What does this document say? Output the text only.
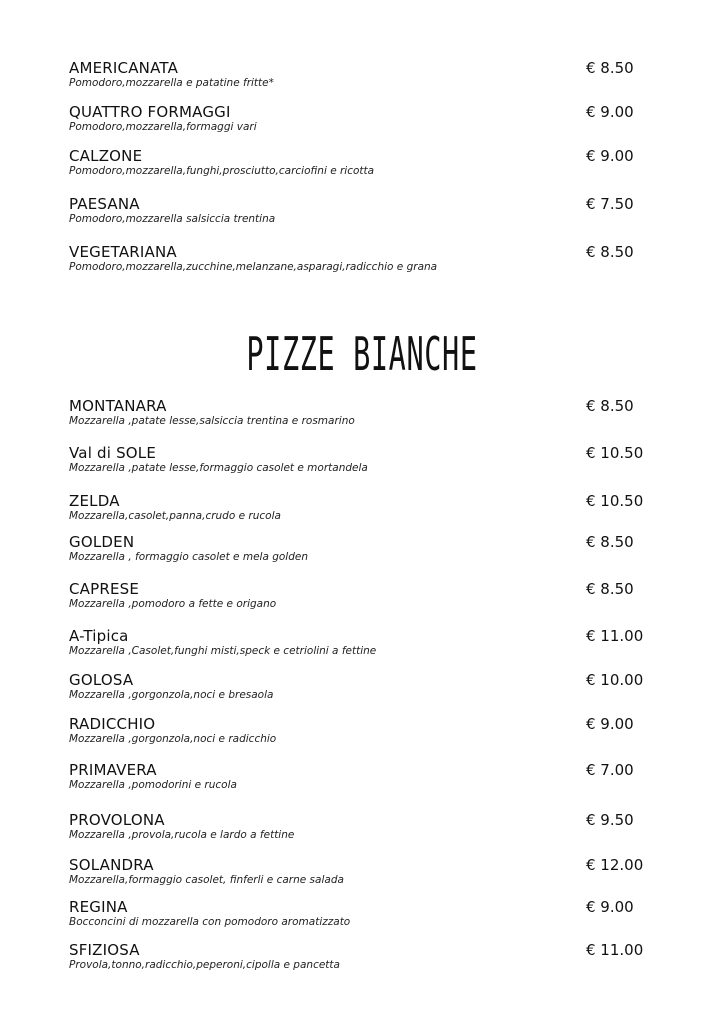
AMERICANATA
Pomodoro,mozzarella e patatine fritte*
€ 8.50
QUATTRO FORMAGGI
Pomodoro,mozzarella,formaggi vari
€ 9.00
CALZONE
Pomodoro,mozzarella,funghi,prosciutto,carciofini e ricotta
€ 9.00
PAESANA
Pomodoro,mozzarella salsiccia trentina
€ 7.50
VEGETARIANA
Pomodoro,mozzarella,zucchine,melanzane,asparagi,radicchio e grana
€ 8.50
PIZZE BIANCHE
MONTANARA
Mozzarella ,patate lesse,salsiccia trentina e rosmarino
€ 8.50
Val di SOLE
Mozzarella ,patate lesse,formaggio casolet e mortandela
€ 10.50
ZELDA
Mozzarella,casolet,panna,crudo e rucola
€ 10.50
GOLDEN
Mozzarella , formaggio casolet e mela golden
€ 8.50
CAPRESE
Mozzarella ,pomodoro a fette e origano
€ 8.50
A-Tipica
Mozzarella ,Casolet,funghi misti,speck e cetriolini a fettine
€ 11.00
GOLOSA
Mozzarella ,gorgonzola,noci e bresaola
€ 10.00
RADICCHIO
Mozzarella ,gorgonzola,noci e radicchio
€ 9.00
PRIMAVERA
Mozzarella ,pomodorini e rucola
€ 7.00
PROVOLONA
Mozzarella ,provola,rucola e lardo a fettine
€ 9.50
SOLANDRA
Mozzarella,formaggio casolet, finferli e carne salada
€ 12.00
REGINA
Bocconcini di mozzarella con pomodoro aromatizzato
€ 9.00
SFIZIOSA
Provola,tonno,radicchio,peperoni,cipolla e pancetta
€ 11.00
